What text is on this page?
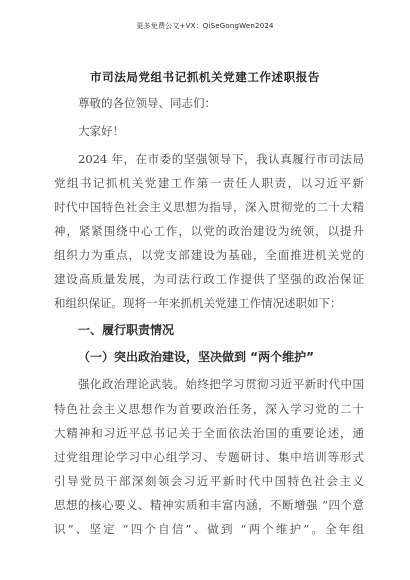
更多免费公文+VX：QiSeGongWen2024
市司法局党组书记抓机关党建工作述职报告
尊敬的各位领导、同志们：
大家好！
2024 年，在市委的坚强领导下，我认真履行市司法局
党组书记抓机关党建工作第一责任人职责，以习近平新
时代中国特色社会主义思想为指导，深入贯彻党的二十大精
神，紧紧围绕中心工作，以党的政治建设为统领，以提升
组织力为重点，以党支部建设为基础，全面推进机关党的
建设高质量发展，为司法行政工作提供了坚强的政治保证
和组织保证。现将一年来抓机关党建工作情况述职如下：
一、履行职责情况
（一）突出政治建设，坚决做到 “两个维护”
强化政治理论武装。始终把学习贯彻习近平新时代中国
特色社会主义思想作为首要政治任务，深入学习党的二十
大精神和习近平总书记关于全面依法治国的重要论述，通
过党组理论学习中心组学习、专题研讨、集中培训等形式
引导党员干部深刻领会习近平新时代中国特色社会主义
思想的核心要义、精神实质和丰富内涵，不断增强 “四个意
识”、坚定 “四个自信”、做到 “两个维护”。全年组
